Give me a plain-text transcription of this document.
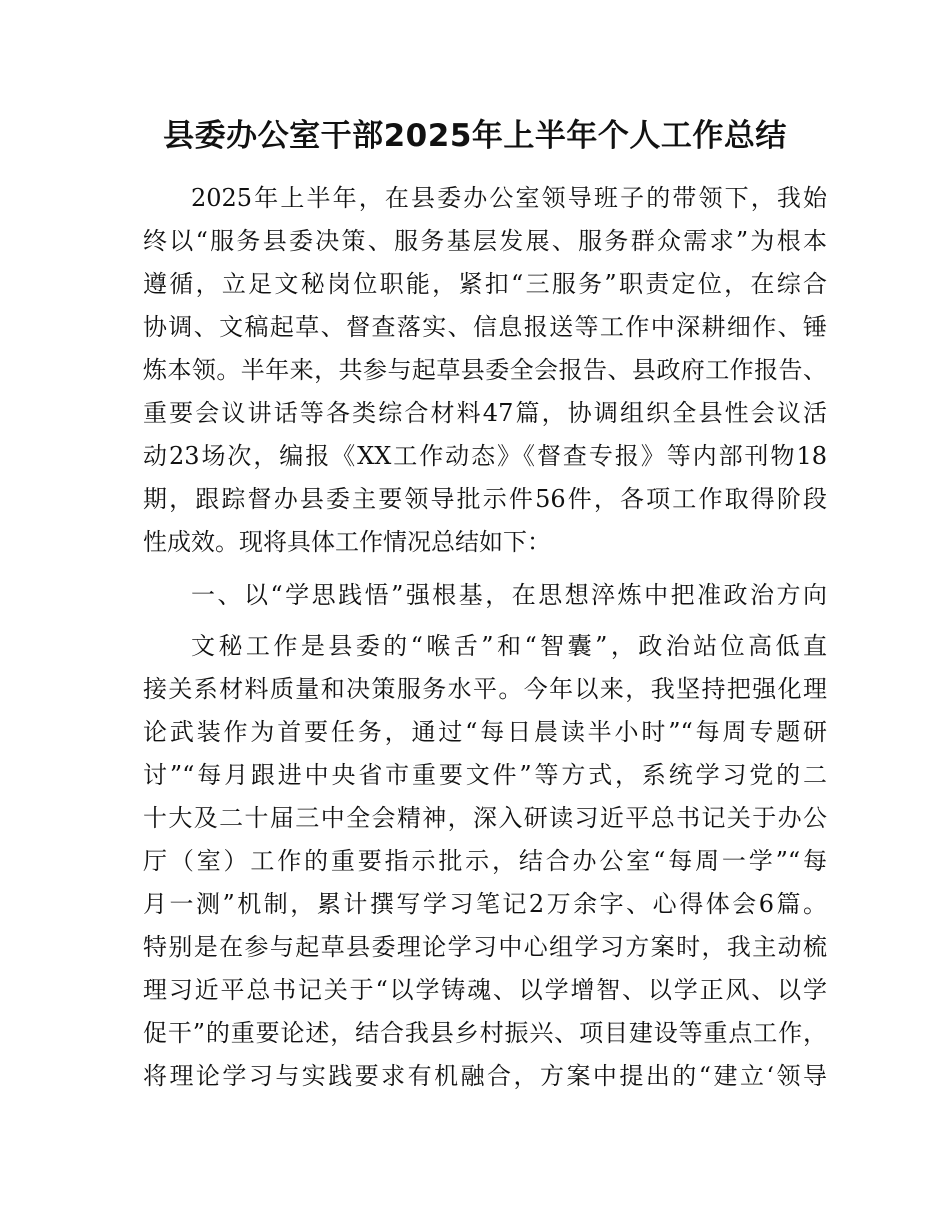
县委办公室干部2025年上半年个人工作总结

2025年上半年，在县委办公室领导班子的带领下，我始

终以“服务县委决策、服务基层发展、服务群众需求”为根本

遵循，立足文秘岗位职能，紧扣“三服务”职责定位，在综合

协调、文稿起草、督查落实、信息报送等工作中深耕细作、锤

炼本领。半年来，共参与起草县委全会报告、县政府工作报告、

重要会议讲话等各类综合材料47篇，协调组织全县性会议活

动23场次，编报《XX工作动态》《督查专报》等内部刊物18

期，跟踪督办县委主要领导批示件56件，各项工作取得阶段

性成效。现将具体工作情况总结如下：

一、以“学思践悟”强根基，在思想淬炼中把准政治方向

文秘工作是县委的“喉舌”和“智囊”，政治站位高低直

接关系材料质量和决策服务水平。今年以来，我坚持把强化理

论武装作为首要任务，通过“每日晨读半小时”“每周专题研

讨”“每月跟进中央省市重要文件”等方式，系统学习党的二

十大及二十届三中全会精神，深入研读习近平总书记关于办公

厅（室）工作的重要指示批示，结合办公室“每周一学”“每

月一测”机制，累计撰写学习笔记2万余字、心得体会6篇。

特别是在参与起草县委理论学习中心组学习方案时，我主动梳

理习近平总书记关于“以学铸魂、以学增智、以学正风、以学

促干”的重要论述，结合我县乡村振兴、项目建设等重点工作，

将理论学习与实践要求有机融合，方案中提出的“建立‘领导
